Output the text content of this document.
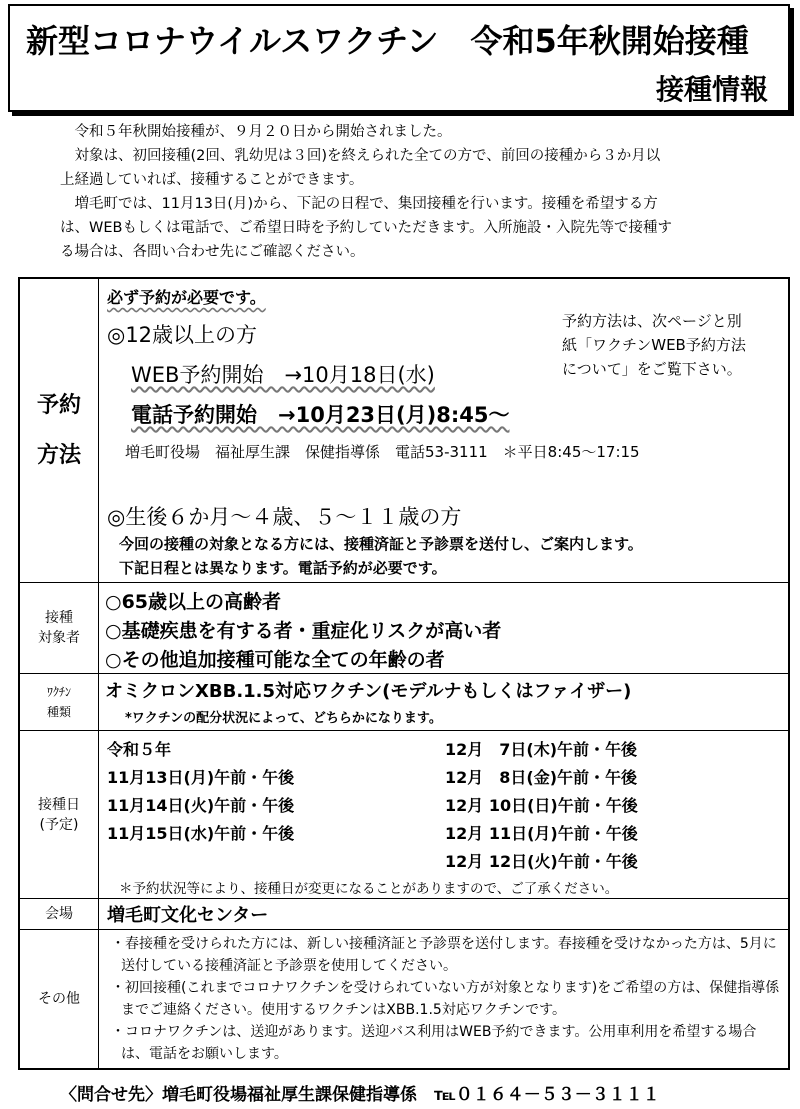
新型コロナウイルスワクチン　令和5年秋開始接種
接種情報

令和５年秋開始接種が、９月２０日から開始されました。

対象は、初回接種(2回、乳幼児は３回)を終えられた全ての方で、前回の接種から３か月以

上経過していれば、接種することができます。

増毛町では、11月13日(月)から、下記の日程で、集団接種を行います。接種を希望する方

は、WEBもしくは電話で、ご希望日時を予約していただきます。入所施設・入院先等で接種す

る場合は、各問い合わせ先にご確認ください。

予約
方法
必ず予約が必要です。
◎12歳以上の方
WEB予約開始　→10月18日(水)
電話予約開始　→10月23日(月)8:45～
増毛町役場　福祉厚生課　保健指導係　電話53-3111　＊平日8:45～17:15
予約方法は、次ページと別
紙「ワクチンWEB予約方法
について」をご覧下さい。
◎生後６か月～４歳、５～１１歳の方
今回の接種の対象となる方には、接種済証と予診票を送付し、ご案内します。
下記日程とは異なります。電話予約が必要です。
接種
対象者
○65歳以上の高齢者
○基礎疾患を有する者・重症化リスクが高い者
○その他追加接種可能な全ての年齢の者
ﾜｸﾁﾝ
種類
オミクロンXBB.1.5対応ワクチン(モデルナもしくはファイザー)
*ワクチンの配分状況によって、どちらかになります。
接種日
(予定)
令和５年
11月13日(月)午前・午後
11月14日(火)午前・午後
11月15日(水)午前・午後
12月　7日(木)午前・午後
12月　8日(金)午前・午後
12月 10日(日)午前・午後
12月 11日(月)午前・午後
12月 12日(火)午前・午後
＊予約状況等により、接種日が変更になることがありますので、ご了承ください。
会場	増毛町文化センター
その他

・春接種を受けられた方には、新しい接種済証と予診票を送付します。春接種を受けなかった方は、5月に送付している接種済証と予診票を使用してください。

・初回接種(これまでコロナワクチンを受けられていない方が対象となります)をご希望の方は、保健指導係までご連絡ください。使用するワクチンはXBB.1.5対応ワクチンです。

・コロナワクチンは、送迎があります。送迎バス利用はWEB予約できます。公用車利用を希望する場合は、電話をお願いします。

〈問合せ先〉増毛町役場福祉厚生課保健指導係　℡０１６４－５３－３１１１
